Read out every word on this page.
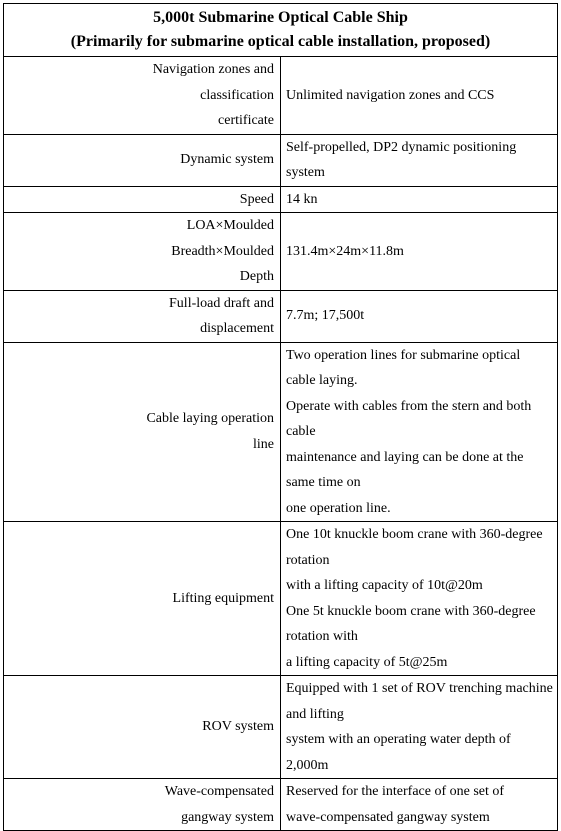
5,000t Submarine Optical Cable Ship
(Primarily for submarine optical cable installation, proposed)	

Navigation zones and
classification
certificate	Unlimited navigation zones and CCS

Dynamic system	Self-propelled, DP2 dynamic positioning system

Speed	14 kn

LOA×Moulded
Breadth×Moulded
Depth	131.4m×24m×11.8m

Full-load draft and
displacement	7.7m; 17,500t

Cable laying operation
line	Two operation lines for submarine optical cable laying.
Operate with cables from the stern and both cable
maintenance and laying can be done at the same time on
one operation line.

Lifting equipment	One 10t knuckle boom crane with 360-degree rotation
with a lifting capacity of 10t@20m
One 5t knuckle boom crane with 360-degree rotation with
a lifting capacity of 5t@25m

ROV system	Equipped with 1 set of ROV trenching machine and lifting
system with an operating water depth of 2,000m

Wave-compensated
gangway system	Reserved for the interface of one set of
wave-compensated gangway system
